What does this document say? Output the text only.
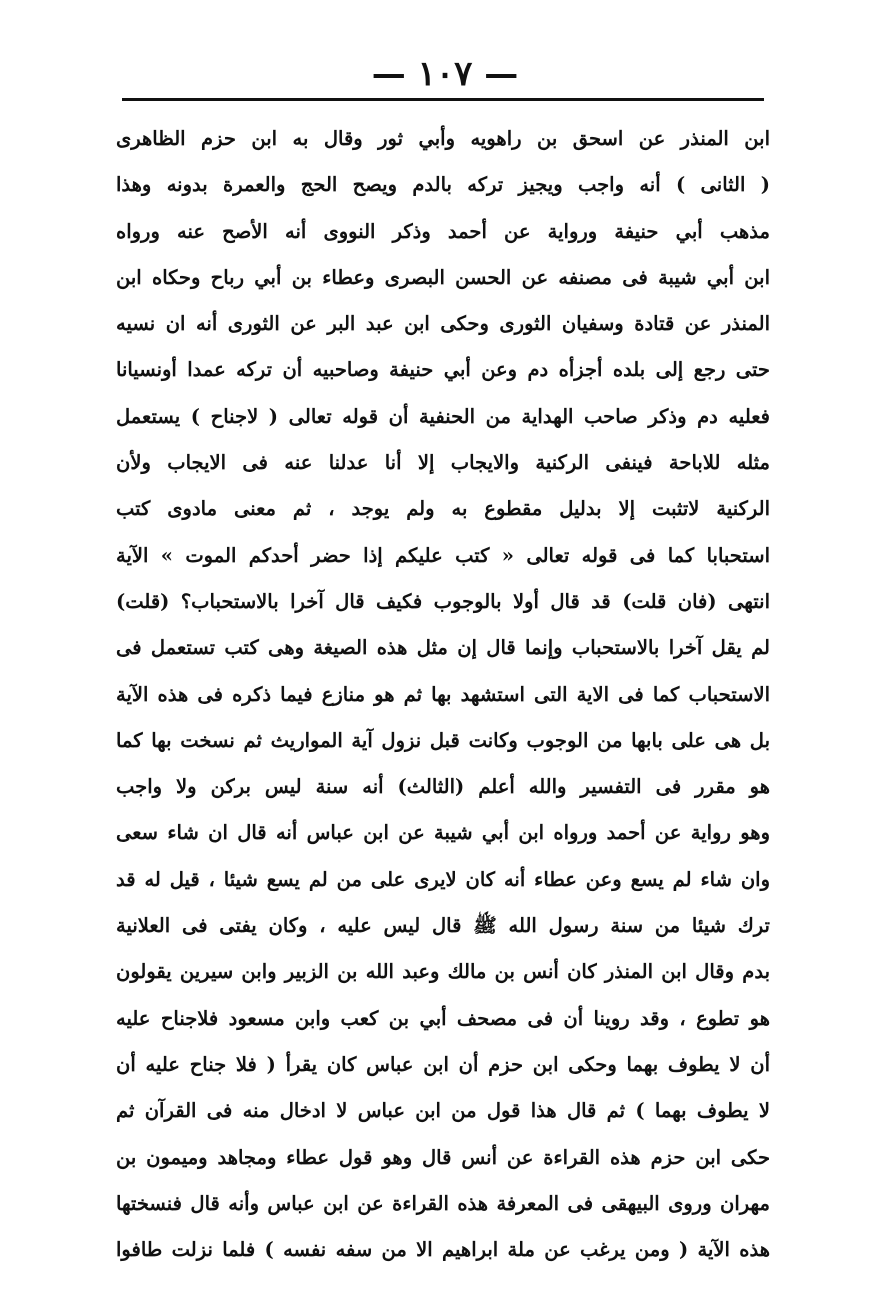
— ١٠٧ —
ابن المنذر عن اسحق بن راهويه وأبي ثور وقال به ابن حزم الظاهرى
( الثانى ) أنه واجب ويجيز تركه بالدم ويصح الحج والعمرة بدونه وهذا
مذهب أبي حنيفة ورواية عن أحمد وذكر النووى أنه الأصح عنه ورواه
ابن أبي شيبة فى مصنفه عن الحسن البصرى وعطاء بن أبي رباح وحكاه ابن
المنذر عن قتادة وسفيان الثورى وحكى ابن عبد البر عن الثورى أنه ان نسيه
حتى رجع إلى بلده أجزأه دم وعن أبي حنيفة وصاحبيه أن تركه عمدا أونسيانا
فعليه دم وذكر صاحب الهداية من الحنفية أن قوله تعالى ( لاجناح ) يستعمل
مثله للاباحة فينفى الركنية والايجاب إلا أنا عدلنا عنه فى الايجاب ولأن
الركنية لاتثبت إلا بدليل مقطوع به ولم يوجد ، ثم معنى مادوى كتب
استحبابا كما فى قوله تعالى « كتب عليكم إذا حضر أحدكم الموت » الآية
انتهى (فان قلت) قد قال أولا بالوجوب فكيف قال آخرا بالاستحباب؟ (قلت)
لم يقل آخرا بالاستحباب وإنما قال إن مثل هذه الصيغة وهى كتب تستعمل فى
الاستحباب كما فى الاية التى استشهد بها ثم هو منازع فيما ذكره فى هذه الآية
بل هى على بابها من الوجوب وكانت قبل نزول آية المواريث ثم نسخت بها كما
هو مقرر فى التفسير والله أعلم (الثالث) أنه سنة ليس بركن ولا واجب
وهو رواية عن أحمد ورواه ابن أبي شيبة عن ابن عباس أنه قال ان شاء سعى
وان شاء لم يسع وعن عطاء أنه كان لايرى على من لم يسع شيئا ، قيل له قد
ترك شيئا من سنة رسول الله ﷺ قال ليس عليه ، وكان يفتى فى العلانية
بدم وقال ابن المنذر كان أنس بن مالك وعبد الله بن الزبير وابن سيرين يقولون
هو تطوع ، وقد روينا أن فى مصحف أبي بن كعب وابن مسعود فلاجناح عليه
أن لا يطوف بهما وحكى ابن حزم أن ابن عباس كان يقرأ ( فلا جناح عليه أن
لا يطوف بهما ) ثم قال هذا قول من ابن عباس لا ادخال منه فى القرآن ثم
حكى ابن حزم هذه القراءة عن أنس قال وهو قول عطاء ومجاهد وميمون بن
مهران وروى البيهقى فى المعرفة هذه القراءة عن ابن عباس وأنه قال فنسختها
هذه الآية ( ومن يرغب عن ملة ابراهيم الا من سفه نفسه ) فلما نزلت طافوا
